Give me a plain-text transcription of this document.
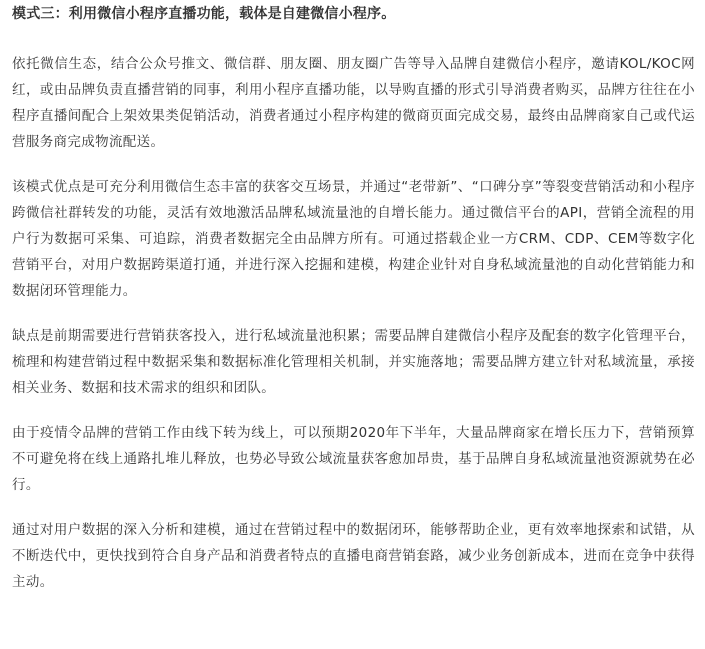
模式三：利用微信小程序直播功能，载体是自建微信小程序。

依托微信生态，结合公众号推文、微信群、朋友圈、朋友圈广告等导入品牌自建微信小程序，邀请KOL/KOC网红，或由品牌负责直播营销的同事，利用小程序直播功能，以导购直播的形式引导消费者购买，品牌方往往在小程序直播间配合上架效果类促销活动，消费者通过小程序构建的微商页面完成交易，最终由品牌商家自己或代运营服务商完成物流配送。

该模式优点是可充分利用微信生态丰富的获客交互场景，并通过“老带新”、“口碑分享”等裂变营销活动和小程序跨微信社群转发的功能，灵活有效地激活品牌私域流量池的自增长能力。通过微信平台的API，营销全流程的用户行为数据可采集、可追踪，消费者数据完全由品牌方所有。可通过搭载企业一方CRM、CDP、CEM等数字化营销平台，对用户数据跨渠道打通，并进行深入挖掘和建模，构建企业针对自身私域流量池的自动化营销能力和数据闭环管理能力。

缺点是前期需要进行营销获客投入，进行私域流量池积累；需要品牌自建微信小程序及配套的数字化管理平台，梳理和构建营销过程中数据采集和数据标准化管理相关机制，并实施落地；需要品牌方建立针对私域流量，承接相关业务、数据和技术需求的组织和团队。

由于疫情令品牌的营销工作由线下转为线上，可以预期2020年下半年，大量品牌商家在增长压力下，营销预算不可避免将在线上通路扎堆儿释放，也势必导致公域流量获客愈加昂贵，基于品牌自身私域流量池资源就势在必行。

通过对用户数据的深入分析和建模，通过在营销过程中的数据闭环，能够帮助企业，更有效率地探索和试错，从不断迭代中，更快找到符合自身产品和消费者特点的直播电商营销套路，减少业务创新成本，进而在竞争中获得主动。
